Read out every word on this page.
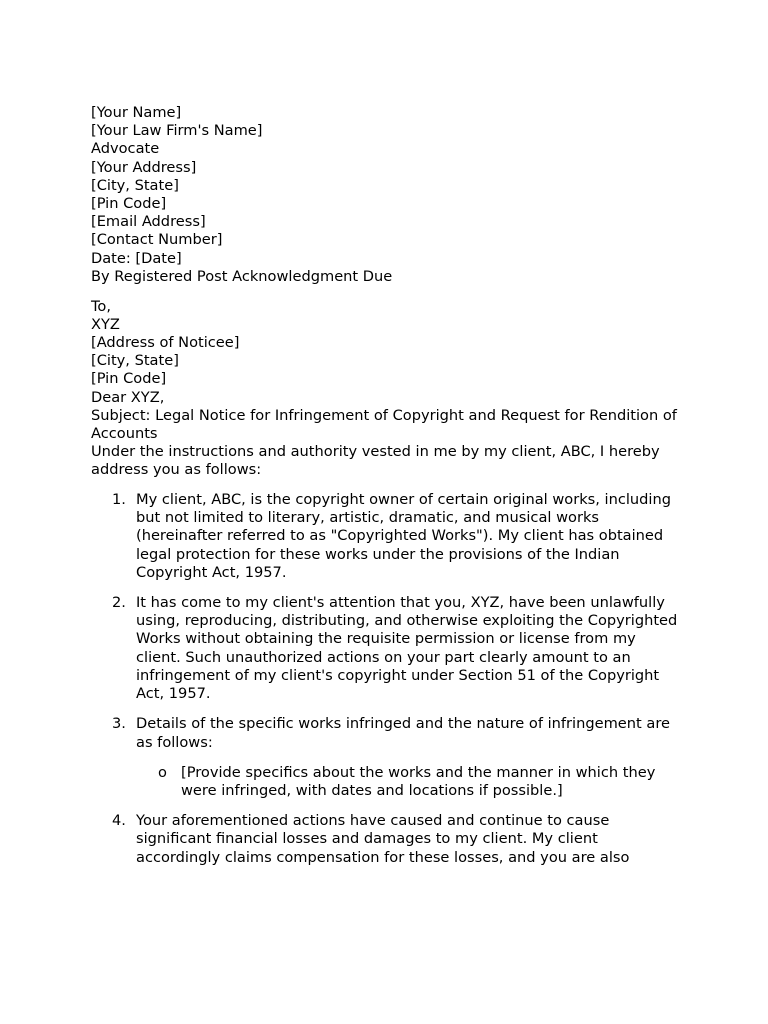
[Your Name]
[Your Law Firm's Name]
Advocate
[Your Address]
[City, State]
[Pin Code]
[Email Address]
[Contact Number]

Date: [Date]

By Registered Post Acknowledgment Due

To,
XYZ
[Address of Noticee]
[City, State]
[Pin Code]

Dear XYZ,

Subject: Legal Notice for Infringement of Copyright and Request for Rendition of Accounts

Under the instructions and authority vested in me by my client, ABC, I hereby address you as follows:

1. My client, ABC, is the copyright owner of certain original works, including but not limited to literary, artistic, dramatic, and musical works (hereinafter referred to as "Copyrighted Works"). My client has obtained legal protection for these works under the provisions of the Indian Copyright Act, 1957.
2. It has come to my client's attention that you, XYZ, have been unlawfully using, reproducing, distributing, and otherwise exploiting the Copyrighted Works without obtaining the requisite permission or license from my client. Such unauthorized actions on your part clearly amount to an infringement of my client's copyright under Section 51 of the Copyright Act, 1957.
3. Details of the specific works infringed and the nature of infringement are as follows:
o [Provide specifics about the works and the manner in which they were infringed, with dates and locations if possible.]
4. Your aforementioned actions have caused and continue to cause significant financial losses and damages to my client. My client accordingly claims compensation for these losses, and you are also
